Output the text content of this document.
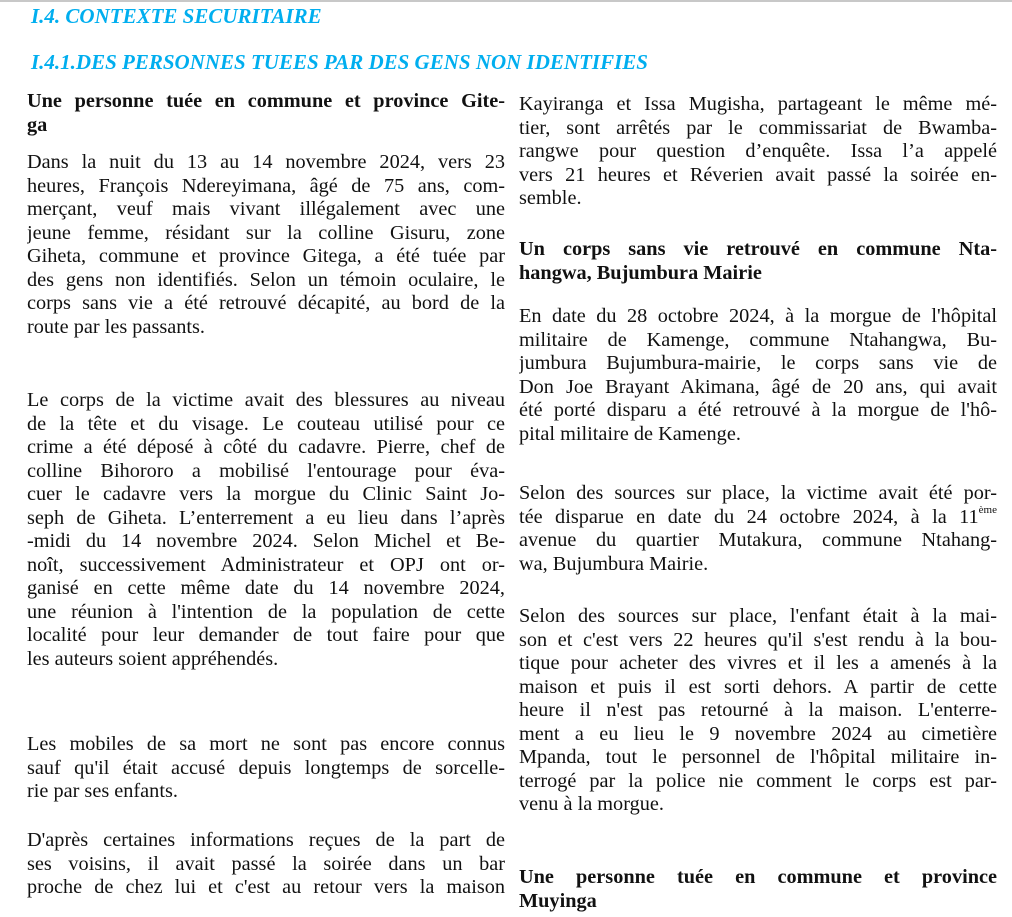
I.4. CONTEXTE SECURITAIRE
I.4.1.DES PERSONNES TUEES PAR DES GENS NON IDENTIFIES
Une personne tuée en commune et province Gite-
ga
Dans la nuit du 13 au 14 novembre 2024, vers 23
heures, François Ndereyimana, âgé de 75 ans, com-
merçant, veuf mais vivant illégalement avec une
jeune femme, résidant sur la colline Gisuru, zone
Giheta, commune et province Gitega, a été tuée par
des gens non identifiés. Selon un témoin oculaire, le
corps sans vie a été retrouvé décapité, au bord de la
route par les passants.
Le corps de la victime avait des blessures au niveau
de la tête et du visage. Le couteau utilisé pour ce
crime a été déposé à côté du cadavre. Pierre, chef de
colline Bihororo a mobilisé l'entourage pour éva-
cuer le cadavre vers la morgue du Clinic Saint Jo-
seph de Giheta. L’enterrement a eu lieu dans l’après
-midi du 14 novembre 2024. Selon Michel et Be-
noît, successivement Administrateur et OPJ ont or-
ganisé en cette même date du 14 novembre 2024,
une réunion à l'intention de la population de cette
localité pour leur demander de tout faire pour que
les auteurs soient appréhendés.
Les mobiles de sa mort ne sont pas encore connus
sauf qu'il était accusé depuis longtemps de sorcelle-
rie par ses enfants.
D'après certaines informations reçues de la part de
ses voisins, il avait passé la soirée dans un bar
proche de chez lui et c'est au retour vers la maison
Kayiranga et Issa Mugisha, partageant le même mé-
tier, sont arrêtés par le commissariat de Bwamba-
rangwe pour question d’enquête. Issa l’a appelé
vers 21 heures et Réverien avait passé la soirée en-
semble.
Un corps sans vie retrouvé en commune Nta-
hangwa, Bujumbura Mairie
En date du 28 octobre 2024, à la morgue de l'hôpital
militaire de Kamenge, commune Ntahangwa, Bu-
jumbura Bujumbura-mairie, le corps sans vie de
Don Joe Brayant Akimana, âgé de 20 ans, qui avait
été porté disparu a été retrouvé à la morgue de l'hô-
pital militaire de Kamenge.
Selon des sources sur place, la victime avait été por-
tée disparue en date du 24 octobre 2024, à la 11ème
avenue du quartier Mutakura, commune Ntahang-
wa, Bujumbura Mairie.
Selon des sources sur place, l'enfant était à la mai-
son et c'est vers 22 heures qu'il s'est rendu à la bou-
tique pour acheter des vivres et il les a amenés à la
maison et puis il est sorti dehors. A partir de cette
heure il n'est pas retourné à la maison. L'enterre-
ment a eu lieu le 9 novembre 2024 au cimetière
Mpanda, tout le personnel de l'hôpital militaire in-
terrogé par la police nie comment le corps est par-
venu à la morgue.
Une personne tuée en commune et province
Muyinga
